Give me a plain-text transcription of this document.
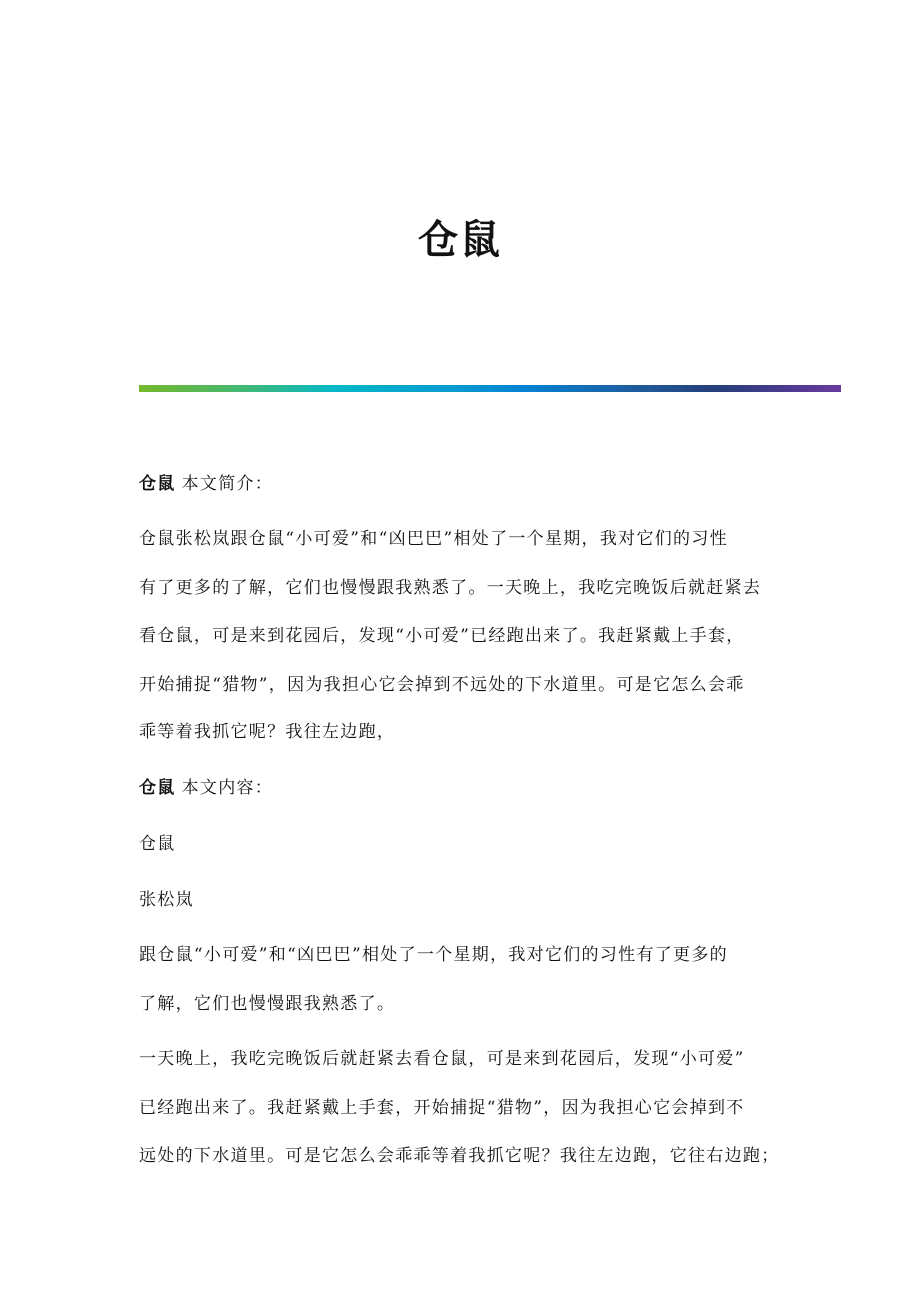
仓鼠
仓鼠 本文简介：
仓鼠张松岚跟仓鼠“小可爱”和“凶巴巴”相处了一个星期，我对它们的习性
有了更多的了解，它们也慢慢跟我熟悉了。一天晚上，我吃完晚饭后就赶紧去
看仓鼠，可是来到花园后，发现“小可爱”已经跑出来了。我赶紧戴上手套，
开始捕捉“猎物”，因为我担心它会掉到不远处的下水道里。可是它怎么会乖
乖等着我抓它呢？我往左边跑，
仓鼠 本文内容：
仓鼠
张松岚
跟仓鼠“小可爱”和“凶巴巴”相处了一个星期，我对它们的习性有了更多的
了解，它们也慢慢跟我熟悉了。
一天晚上，我吃完晚饭后就赶紧去看仓鼠，可是来到花园后，发现“小可爱”
已经跑出来了。我赶紧戴上手套，开始捕捉“猎物”，因为我担心它会掉到不
远处的下水道里。可是它怎么会乖乖等着我抓它呢？我往左边跑，它往右边跑；
